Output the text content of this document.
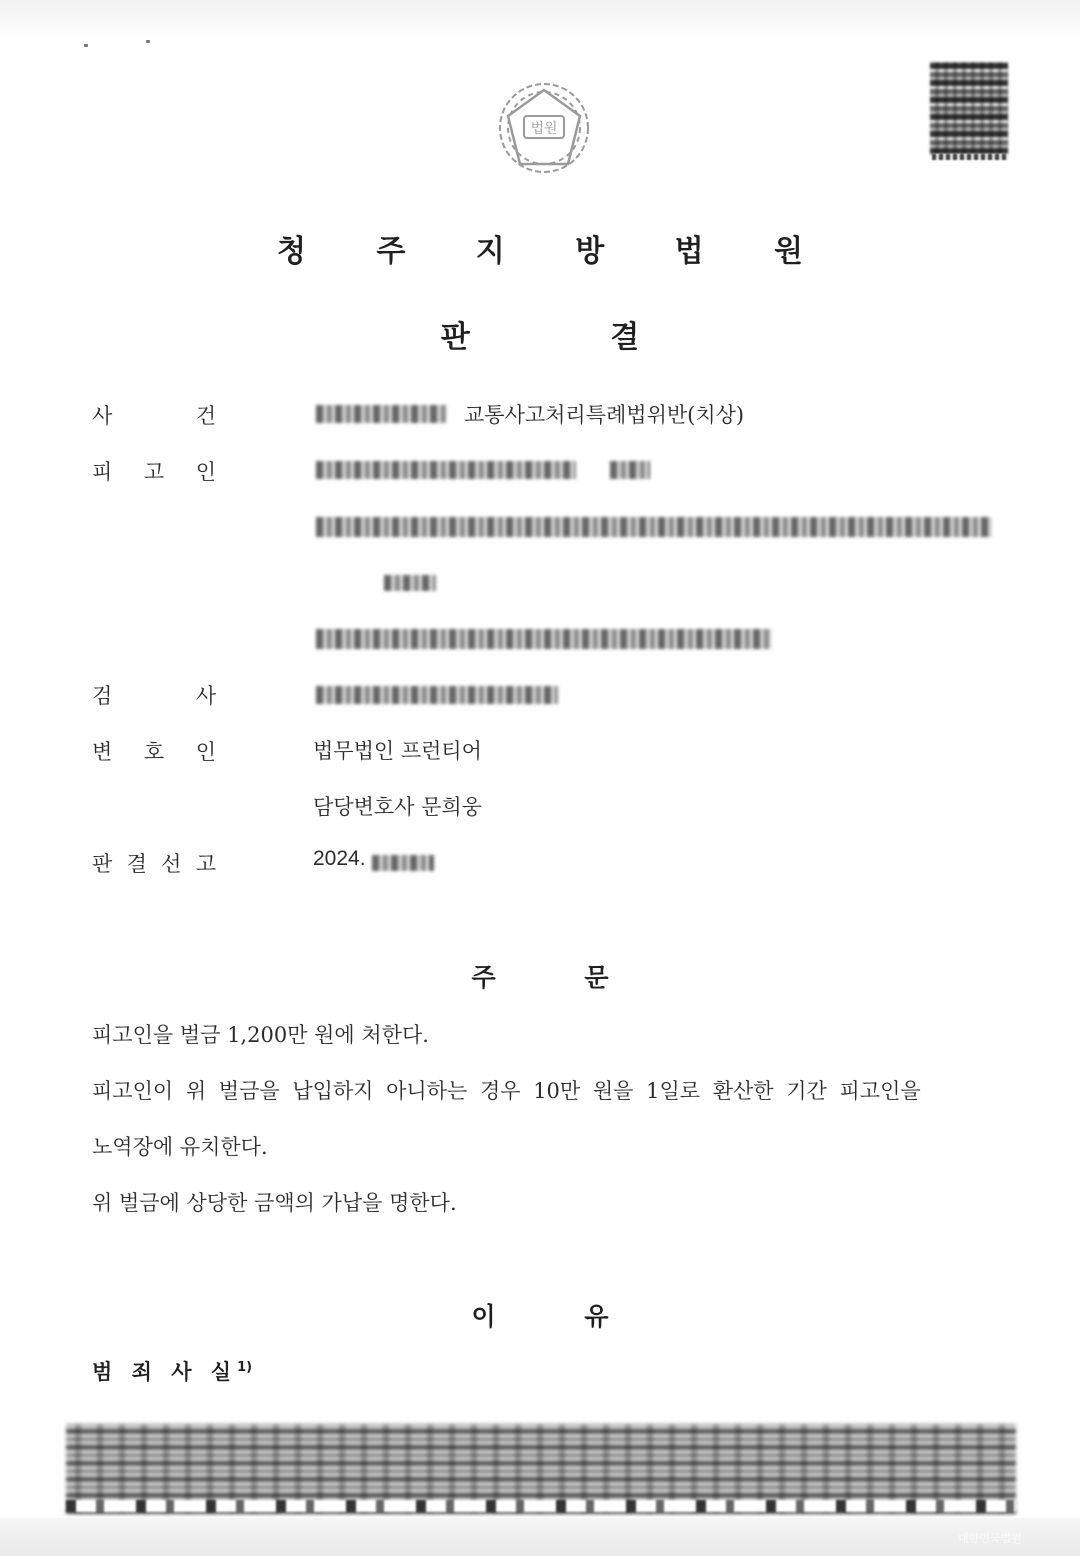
법원
청 주 지 방 법 원
판 결
사	건	교통사고처리특례법위반(치상)
피 고 인
검	사
변 호 인	법무법인 프런티어
담당변호사 문희웅
판 결 선 고	2024.
주 문
피고인을 벌금 1,200만 원에 처한다.
피고인이 위 벌금을 납입하지 아니하는 경우 10만 원을 1일로 환산한 기간 피고인을
노역장에 유치한다.
위 벌금에 상당한 금액의 가납을 명한다.
이 유
범 죄 사 실$^{1)}$
대한민국법원
